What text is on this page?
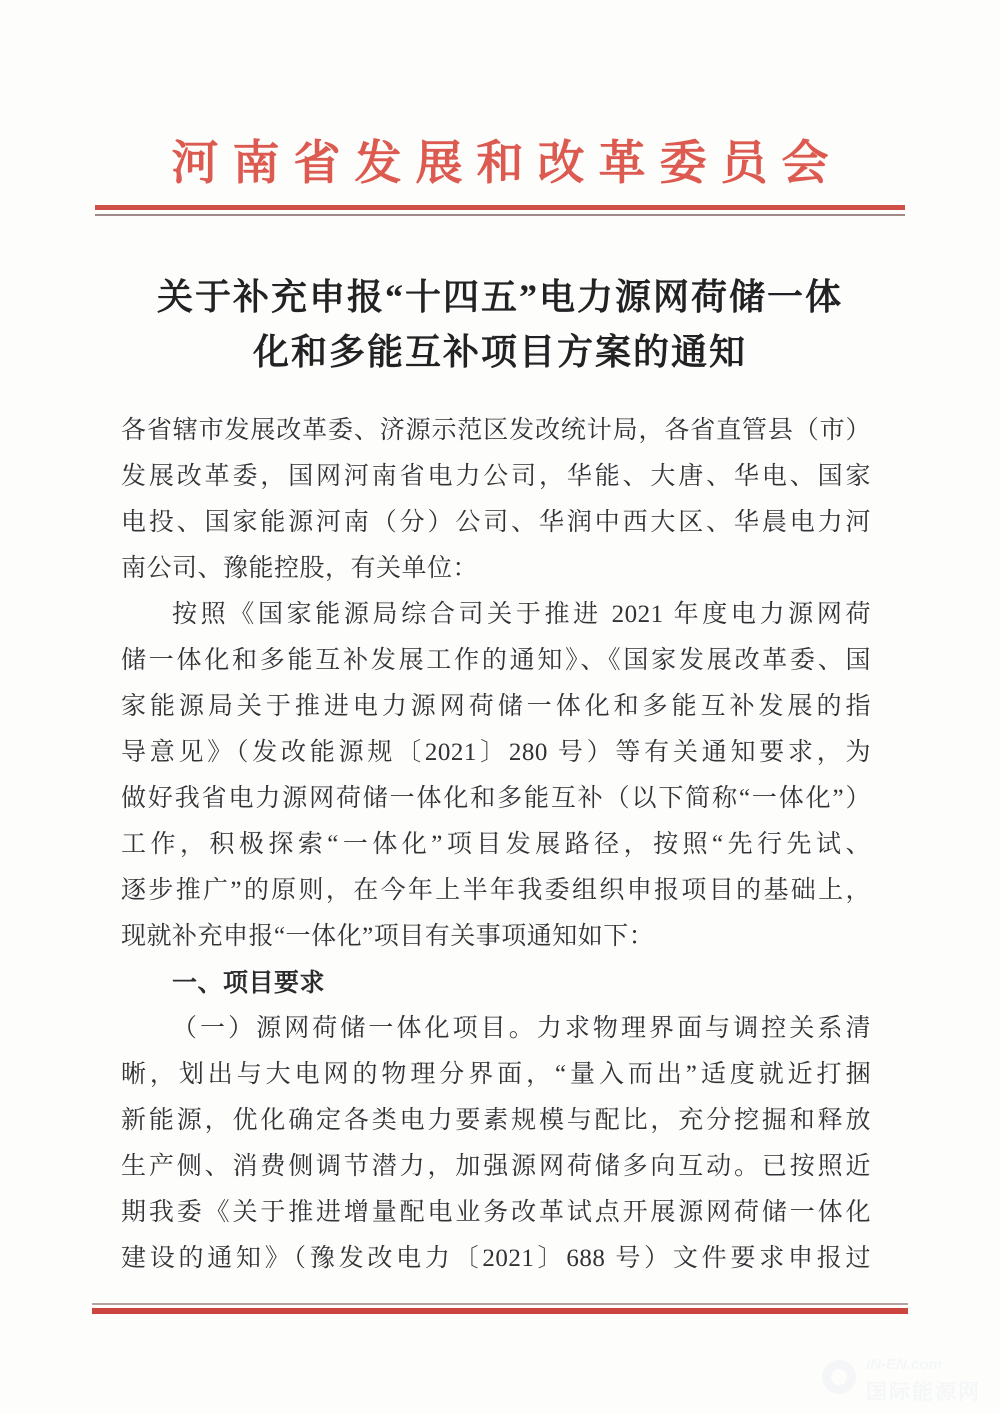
河南省发展和改革委员会
关于补充申报“十四五”电力源网荷储一体
化和多能互补项目方案的通知
各省辖市发展改革委、济源示范区发改统计局，各省直管县（市）
发展改革委，国网河南省电力公司，华能、大唐、华电、国家
电投、国家能源河南（分）公司、华润中西大区、华晨电力河
南公司、豫能控股，有关单位：
按照《国家能源局综合司关于推进 2021 年度电力源网荷
储一体化和多能互补发展工作的通知》、《国家发展改革委、国
家能源局关于推进电力源网荷储一体化和多能互补发展的指
导意见》（发改能源规〔2021〕280 号）等有关通知要求，为
做好我省电力源网荷储一体化和多能互补（以下简称“一体化”）
工作，积极探索“一体化”项目发展路径，按照“先行先试、
逐步推广”的原则，在今年上半年我委组织申报项目的基础上，
现就补充申报“一体化”项目有关事项通知如下：
一、项目要求
（一）源网荷储一体化项目。力求物理界面与调控关系清
晰，划出与大电网的物理分界面，“量入而出”适度就近打捆
新能源，优化确定各类电力要素规模与配比，充分挖掘和释放
生产侧、消费侧调节潜力，加强源网荷储多向互动。已按照近
期我委《关于推进增量配电业务改革试点开展源网荷储一体化
建设的通知》（豫发改电力〔2021〕688 号）文件要求申报过
IN-EN.com
国际能源网
